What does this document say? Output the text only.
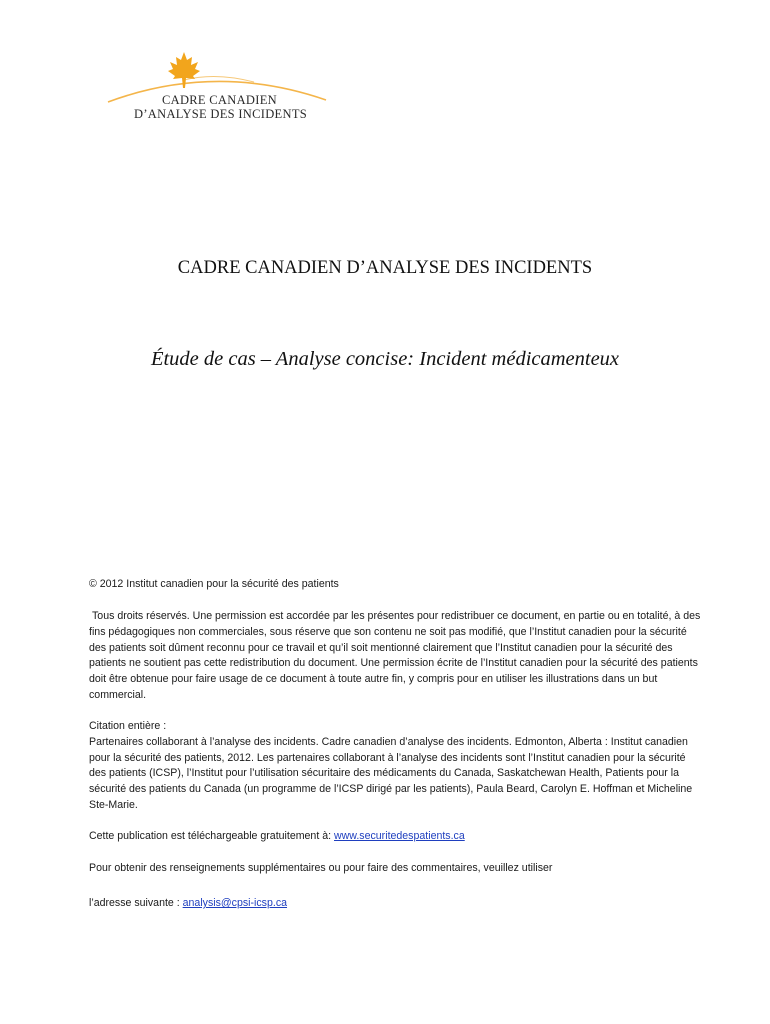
CADRE CANADIEN
D’ANALYSE DES INCIDENTS
CADRE CANADIEN D’ANALYSE DES INCIDENTS
Étude de cas – Analyse concise: Incident médicamenteux

© 2012 Institut canadien pour la sécurité des patients

Tous droits réservés. Une permission est accordée par les présentes pour redistribuer ce document, en partie ou en totalité, à des fins pédagogiques non commerciales, sous réserve que son contenu ne soit pas modifié, que l’Institut canadien pour la sécurité des patients soit dûment reconnu pour ce travail et qu’il soit mentionné clairement que l’Institut canadien pour la sécurité des patients ne soutient pas cette redistribution du document. Une permission écrite de l’Institut canadien pour la sécurité des patients doit être obtenue pour faire usage de ce document à toute autre fin, y compris pour en utiliser les illustrations dans un but commercial.

Citation entière :

Partenaires collaborant à l’analyse des incidents. Cadre canadien d’analyse des incidents. Edmonton, Alberta : Institut canadien pour la sécurité des patients, 2012. Les partenaires collaborant à l’analyse des incidents sont l’Institut canadien pour la sécurité des patients (ICSP), l’Institut pour l’utilisation sécuritaire des médicaments du Canada, Saskatchewan Health, Patients pour la sécurité des patients du Canada (un programme de l’ICSP dirigé par les patients), Paula Beard, Carolyn E. Hoffman et Micheline Ste-Marie.

Cette publication est téléchargeable gratuitement à: www.securitedespatients.ca

Pour obtenir des renseignements supplémentaires ou pour faire des commentaires, veuillez utiliser

l’adresse suivante : analysis@cpsi-icsp.ca
